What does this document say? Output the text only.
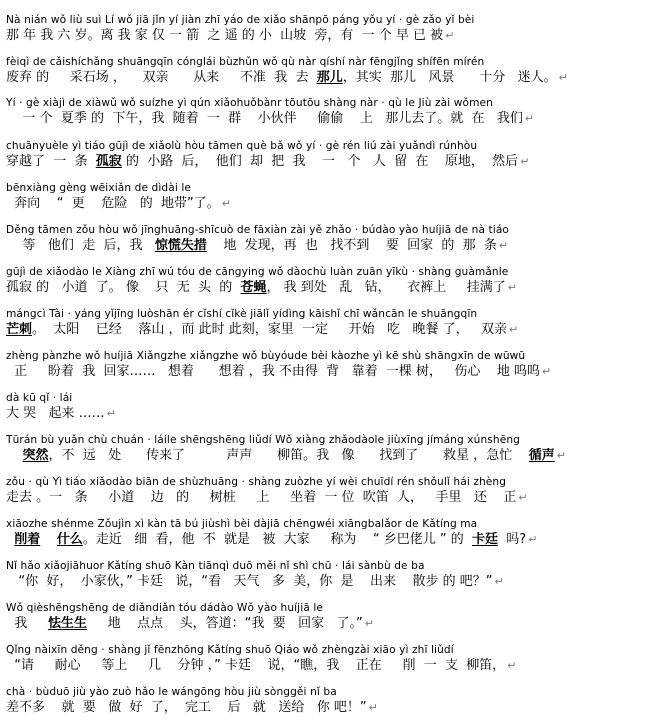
Nà nián wǒ liù suì Lí wǒ jiā jǐn yí jiàn zhī yáo de xiǎo shānpō páng yǒu yí · gè zǎo yǐ bèi
那 年 我 六 岁。离 我 家 仅 一 箭  之 遥 的 小  山坡  旁，有  一 个 早 已 被 ↵
fèiqì de cǎishíchǎng shuāngqīn cónglái bùzhǔn wǒ qù nàr qíshí nàr fēngjǐng shífēn mírén
废弃 的     采石场 ，    双亲      从来     不准  我  去  那儿，其实  那儿   风景      十分   迷人。 ↵
Yí · gè xiàjì de xiàwǔ wǒ suízhe yì qún xiǎohuǒbànr tōutōu shàng nàr · qù le Jiù zài wǒmen
一 个  夏季 的  下午，我  随着  一  群    小伙伴     偷偷    上   那儿去了。就  在   我们 ↵
chuānyuèle yì tiáo gūjì de xiǎolù hòu tāmen què bǎ wǒ yí · gè rén liú zài yuǎndì rúnhòu
穿越了  一  条  孤寂 的  小路  后，  他们  却  把  我    一   个   人  留  在    原地，  然后 ↵
bēnxiàng gèng wēixiǎn de dìdài le
奔向    “  更    危险   的  地带”了。 ↵
Děng tāmen zǒu hòu wǒ jīnghuāng-shīcuò de fāxiàn zài yě zhǎo · búdào yào huíjiā de nà tiáo
等   他们  走  后，我   惊慌失措    地  发现，再  也   找不到    要  回家  的  那  条 ↵
gūjì de xiǎodào le Xiàng zhī wú tóu de cāngying wǒ dàochù luàn zuān yīkù · shàng guàmǎnle
孤寂 的   小道  了。 像    只  无  头  的  苍蝇， 我 到处   乱   钻，    衣裤上     挂满了 ↵
mángcì Tài · yáng yǐjīng luòshān ér cǐshí cǐkè jiālǐ yídìng kāishǐ chī wǎncān le shuāngqīn
芒刺。  太阳    已经    落山 ，而 此时 此刻，家里  一定     开始   吃   晚餐 了，   双亲 ↵
zhèng pànzhe wǒ huíjiā Xiǎngzhe xiǎngzhe wǒ bùyóude bèi kàozhe yì kē shù shāngxīn de wūwū
正     盼着  我  回家……   想着      想着 ，我 不由得  背   靠着  一棵 树，   伤心    地 呜呜 ↵
dà kū qǐ · lái
大 哭   起来 …… ↵
Tūrán bù yuǎn chù chuán · láile shēngshēng liǔdí Wǒ xiàng zhǎodàole jiùxīng jímáng xúnshēng
突然，不  远   处      传来了          声声      柳笛。我   像      找到了      救星 ，急忙    循声 ↵
zǒu · qù Yì tiáo xiǎodào biān de shùzhuāng · shàng zuòzhe yí wèi chuīdí rén shǒulǐ hái zhèng
走去 。一   条     小道    边   的     树桩     上     坐着  一 位  吹笛  人，   手里   还    正 ↵
xiāozhe shénme Zǒujìn xì kàn tā bú jiùshì bèi dàjiā chēngwéi xiāngbalǎor de Kǎtíng ma
削着 什么。走近   细  看，他  不  就是   被  大家     称为    “ 乡巴佬儿 ” 的  卡廷  吗? ↵
Nǐ hǎo xiǎojiāhuor Kǎtíng shuō Kàn tiānqì duō měi nǐ shì chū · lái sànbù de ba
“你  好，  小家伙，” 卡廷   说，“看   天气   多  美，你  是    出来    散步 的 吧？” ↵
Wǒ qièshēngshēng de diǎndiǎn tóu dádào Wǒ yào huíjiā le
我     怯生生     地    点点    头，答道：“我  要   回家   了。” ↵
Qǐng nàixīn děng · shàng jǐ fēnzhōng Kǎtíng shuō Qiáo wǒ zhèngzài xiāo yì zhī liǔdí
“请     耐心     等上     几    分钟 ，” 卡廷    说，“瞧，我    正在     削  一  支  柳笛， ↵
chà · bùduō jiù yào zuò hǎo le wángōng hòu jiù sònggěi nǐ ba
差不多    就  要   做  好  了，  完工    后   就   送给   你 吧！” ↵
